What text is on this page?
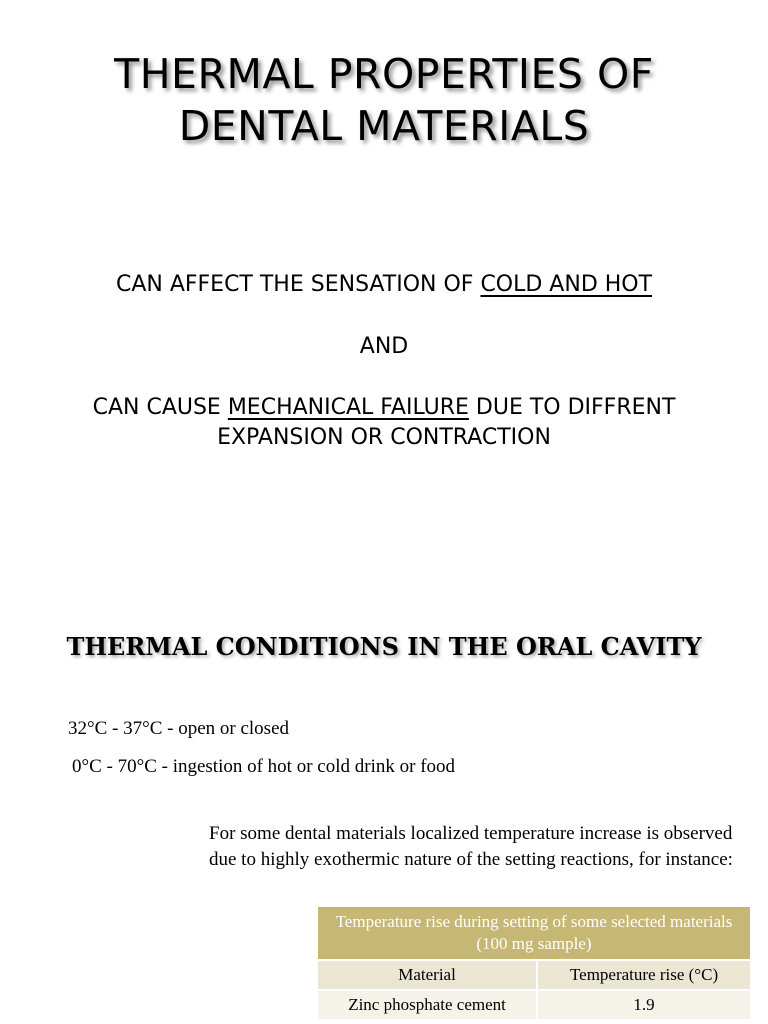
THERMAL PROPERTIES OF
DENTAL MATERIALS
CAN AFFECT THE SENSATION OF COLD AND HOT
AND
CAN CAUSE MECHANICAL FAILURE DUE TO DIFFRENT
EXPANSION OR CONTRACTION
THERMAL CONDITIONS IN THE ORAL CAVITY
32°C - 37°C - open or closed
0°C - 70°C - ingestion of hot or cold drink or food

For some dental materials localized temperature increase is observed due to highly exothermic nature of the setting reactions, for instance:

Temperature rise during setting of some selected materials (100 mg sample)	
Material	Temperature rise (°C)
Zinc phosphate cement	1.9
